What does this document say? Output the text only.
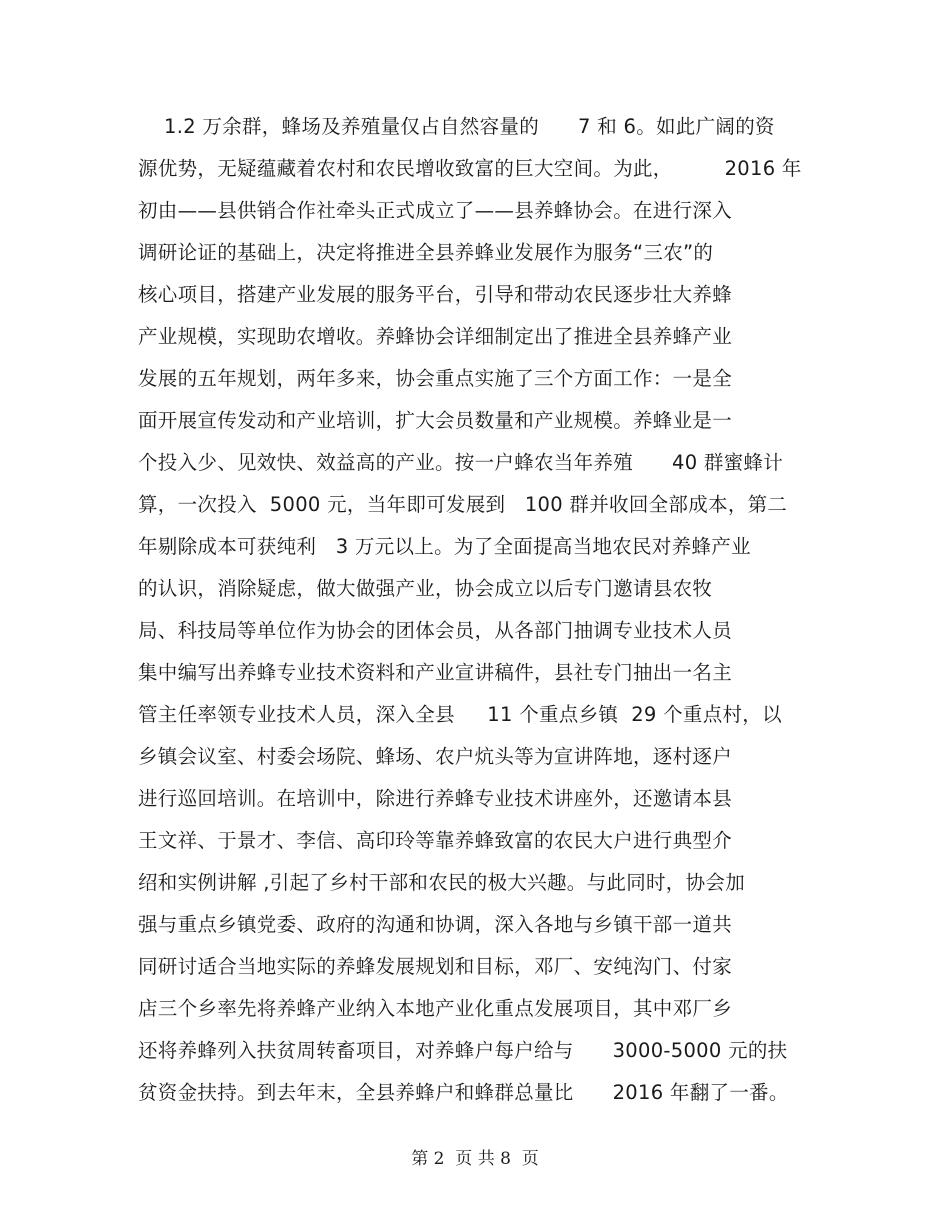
1.2 万余群，蜂场及养殖量仅占自然容量的      7 和 6。如此广阔的资
源优势，无疑蕴藏着农村和农民增收致富的巨大空间。为此，        2016 年
初由——县供销合作社牵头正式成立了——县养蜂协会。在进行深入
调研论证的基础上，决定将推进全县养蜂业发展作为服务“三农”的
核心项目，搭建产业发展的服务平台，引导和带动农民逐步壮大养蜂
产业规模，实现助农增收。养蜂协会详细制定出了推进全县养蜂产业
发展的五年规划，两年多来，协会重点实施了三个方面工作：一是全
面开展宣传发动和产业培训，扩大会员数量和产业规模。养蜂业是一
个投入少、见效快、效益高的产业。按一户蜂农当年养殖      40 群蜜蜂计
算，一次投入  5000 元，当年即可发展到   100 群并收回全部成本，第二
年剔除成本可获纯利   3 万元以上。为了全面提高当地农民对养蜂产业
的认识，消除疑虑，做大做强产业，协会成立以后专门邀请县农牧
局、科技局等单位作为协会的团体会员，从各部门抽调专业技术人员
集中编写出养蜂专业技术资料和产业宣讲稿件，县社专门抽出一名主
管主任率领专业技术人员，深入全县     11 个重点乡镇  29 个重点村，以
乡镇会议室、村委会场院、蜂场、农户炕头等为宣讲阵地，逐村逐户
进行巡回培训。在培训中，除进行养蜂专业技术讲座外，还邀请本县
王文祥、于景才、李信、高印玲等靠养蜂致富的农民大户进行典型介
绍和实例讲解 ,引起了乡村干部和农民的极大兴趣。与此同时，协会加
强与重点乡镇党委、政府的沟通和协调，深入各地与乡镇干部一道共
同研讨适合当地实际的养蜂发展规划和目标，邓厂、安纯沟门、付家
店三个乡率先将养蜂产业纳入本地产业化重点发展项目，其中邓厂乡
还将养蜂列入扶贫周转畜项目，对养蜂户每户给与      3000-5000 元的扶
贫资金扶持。到去年末，全县养蜂户和蜂群总量比      2016 年翻了一番。
第 2  页 共 8  页
